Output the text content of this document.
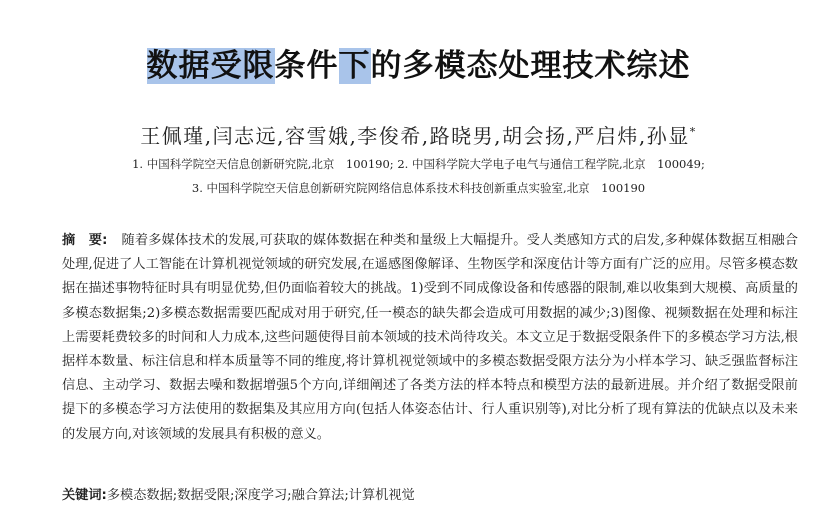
数据受限条件下的多模态处理技术综述
王佩瑾,闫志远,容雪娥,李俊希,路晓男,胡会扬,严启炜,孙显*
1. 中国科学院空天信息创新研究院,北京　100190; 2. 中国科学院大学电子电气与通信工程学院,北京　100049;
3. 中国科学院空天信息创新研究院网络信息体系技术科技创新重点实验室,北京　100190
摘　要: 随着多媒体技术的发展,可获取的媒体数据在种类和量级上大幅提升。受人类感知方式的启发,多种媒体数据互相融合处理,促进了人工智能在计算机视觉领域的研究发展,在遥感图像解译、生物医学和深度估计等方面有广泛的应用。尽管多模态数据在描述事物特征时具有明显优势,但仍面临着较大的挑战。1)受到不同成像设备和传感器的限制,难以收集到大规模、高质量的多模态数据集;2)多模态数据需要匹配成对用于研究,任一模态的缺失都会造成可用数据的减少;3)图像、视频数据在处理和标注上需要耗费较多的时间和人力成本,这些问题使得目前本领域的技术尚待攻关。本文立足于数据受限条件下的多模态学习方法,根据样本数量、标注信息和样本质量等不同的维度,将计算机视觉领域中的多模态数据受限方法分为小样本学习、缺乏强监督标注信息、主动学习、数据去噪和数据增强5个方向,详细阐述了各类方法的样本特点和模型方法的最新进展。并介绍了数据受限前提下的多模态学习方法使用的数据集及其应用方向(包括人体姿态估计、行人重识别等),对比分析了现有算法的优缺点以及未来的发展方向,对该领域的发展具有积极的意义。
关键词:多模态数据;数据受限;深度学习;融合算法;计算机视觉
